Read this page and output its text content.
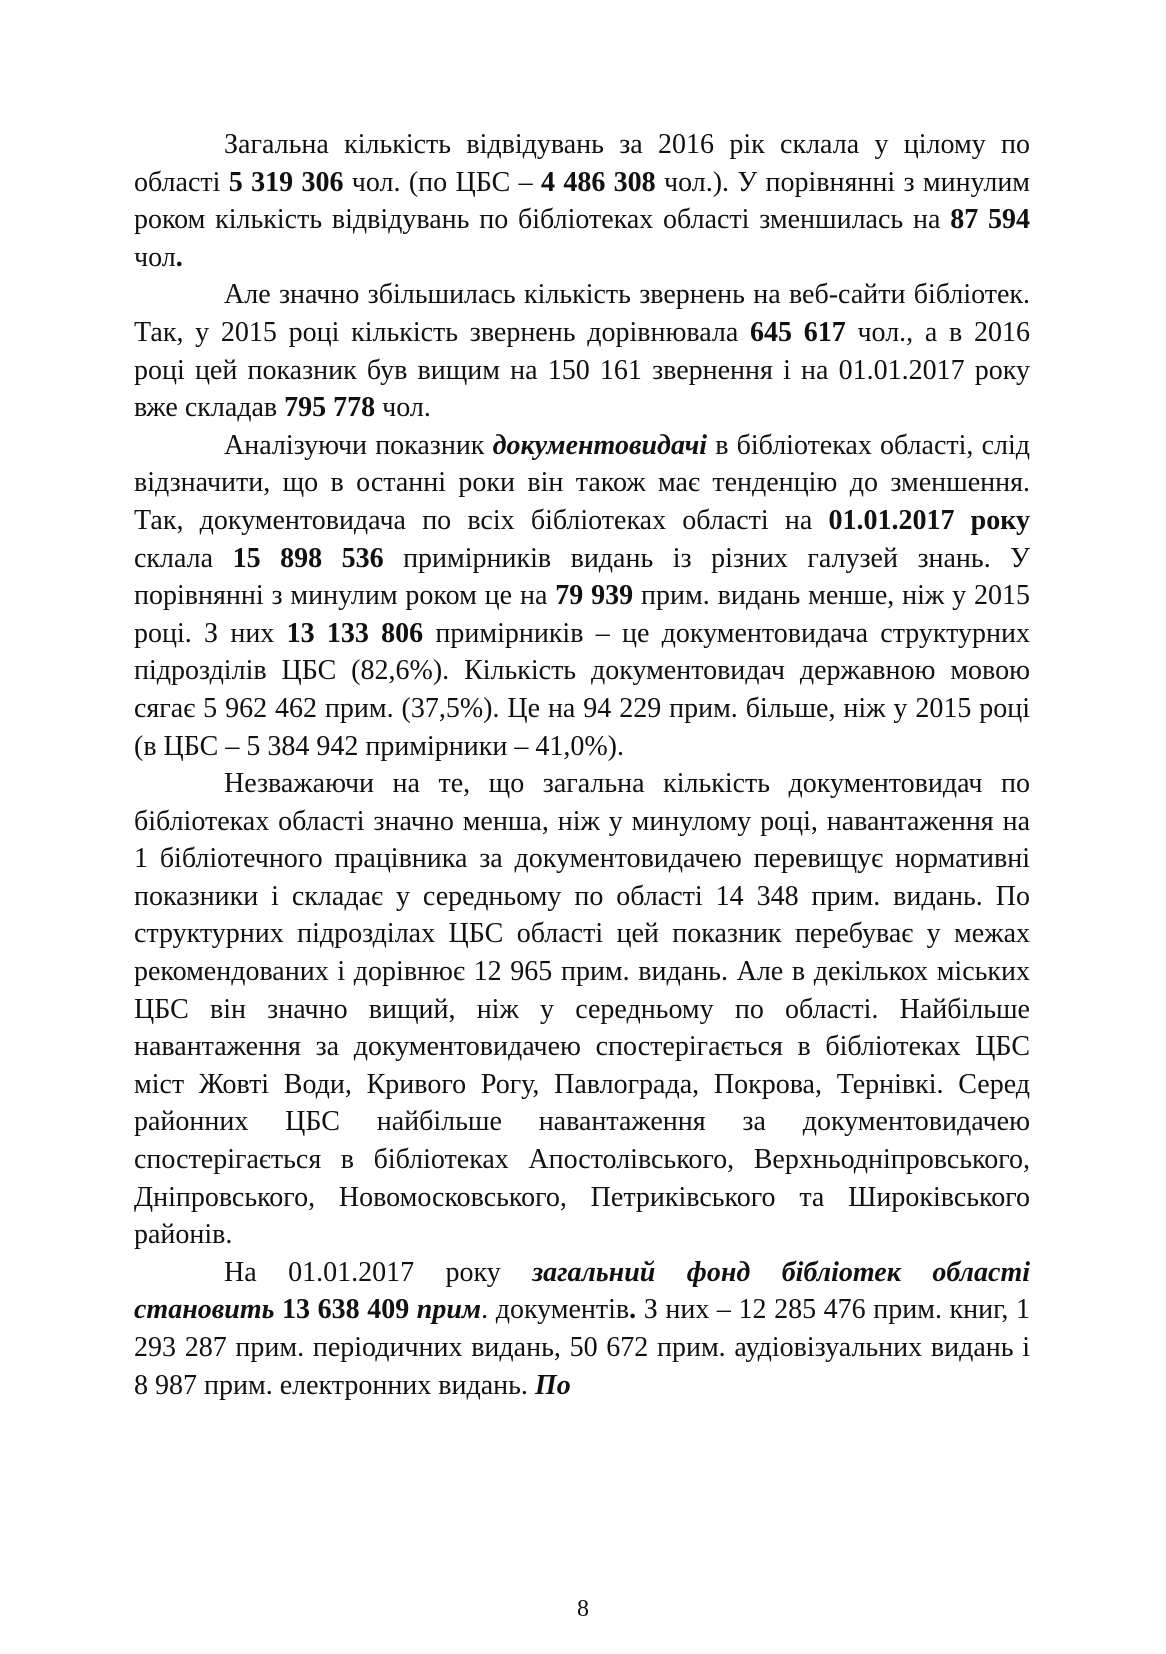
Загальна кількість відвідувань за 2016 рік склала у цілому по області 5 319 306 чол. (по ЦБС – 4 486 308 чол.). У порівнянні з минулим роком кількість відвідувань по бібліотеках області зменшилась на 87 594 чол.

Але значно збільшилась кількість звернень на веб-сайти бібліотек. Так, у 2015 році кількість звернень дорівнювала 645 617 чол., а в 2016 році цей показник був вищим на 150 161 звернення і на 01.01.2017 року вже складав 795 778 чол.

Аналізуючи показник документовидачі в бібліотеках області, слід відзначити, що в останні роки він також має тенденцію до зменшення. Так, документовидача по всіх бібліотеках області на 01.01.2017 року склала 15 898 536 примірників видань із різних галузей знань. У порівнянні з минулим роком це на 79 939 прим. видань менше, ніж у 2015 році. З них 13 133 806 примірників – це документовидача структурних підрозділів ЦБС (82,6%). Кількість документовидач державною мовою сягає 5 962 462 прим. (37,5%). Це на 94 229 прим. більше, ніж у 2015 році (в ЦБС – 5 384 942 примірники – 41,0%).

Незважаючи на те, що загальна кількість документовидач по бібліотеках області значно менша, ніж у минулому році, навантаження на 1 бібліотечного працівника за документовидачею перевищує нормативні показники і складає у середньому по області 14 348 прим. видань. По структурних підрозділах ЦБС області цей показник перебуває у межах рекомендованих і дорівнює 12 965 прим. видань. Але в декількох міських ЦБС він значно вищий, ніж у середньому по області. Найбільше навантаження за документовидачею спостерігається в бібліотеках ЦБС міст Жовті Води, Кривого Рогу, Павлограда, Покрова, Тернівкі. Серед районних ЦБС найбільше навантаження за документовидачею спостерігається в бібліотеках Апостолівського, Верхньодніпровського, Дніпровського, Новомосковського, Петриківського та Широківського районів.

На 01.01.2017 року загальний фонд бібліотек області становить 13 638 409 прим. документів. З них – 12 285 476 прим. книг, 1 293 287 прим. періодичних видань, 50 672 прим. аудіовізуальних видань і 8 987 прим. електронних видань. По

8
